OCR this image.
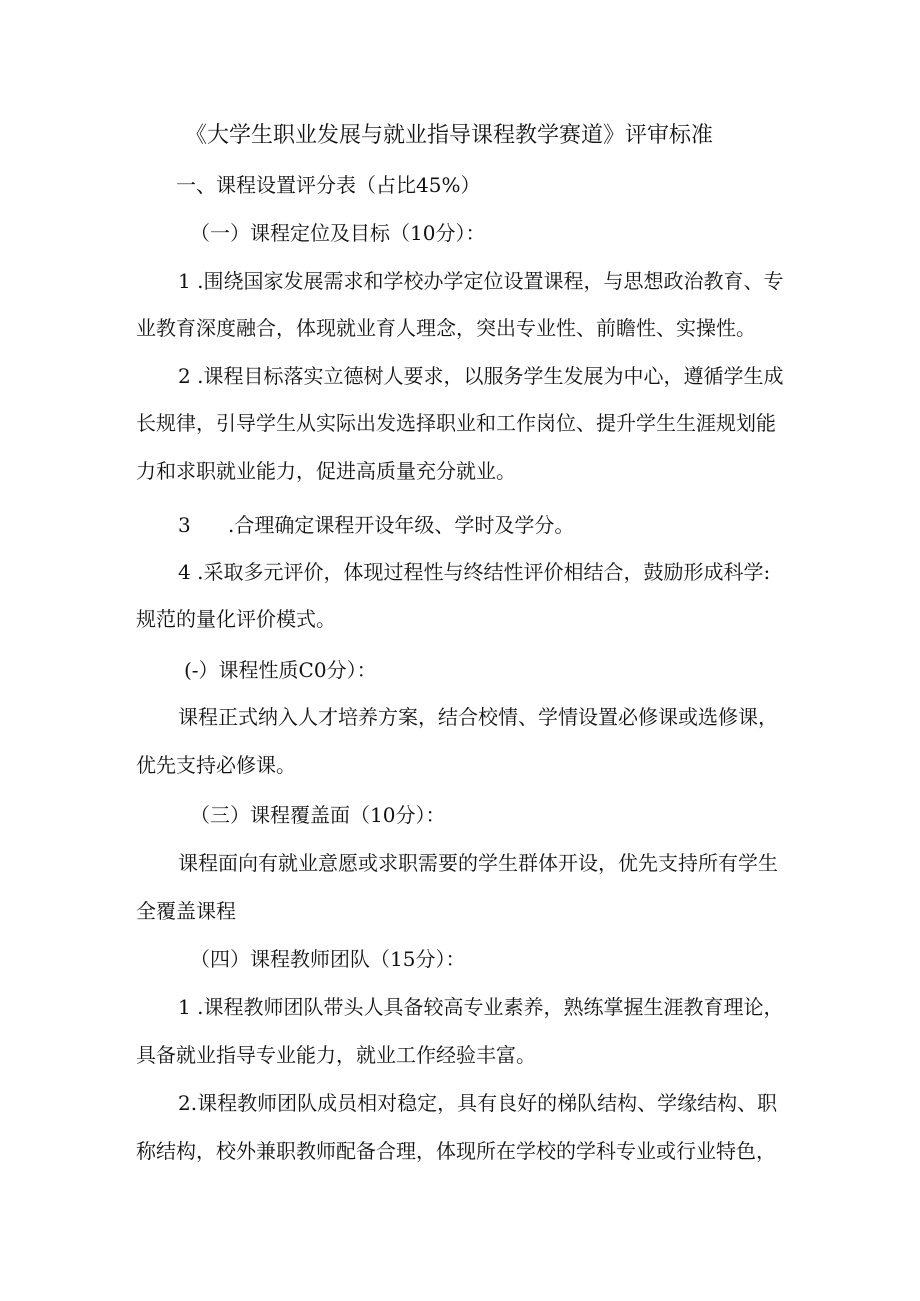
《大学生职业发展与就业指导课程教学赛道》评审标准
一、课程设置评分表（占比45%）
（一）课程定位及目标（10分）：
1 .围绕国家发展需求和学校办学定位设置课程，与思想政治教育、专
业教育深度融合，体现就业育人理念，突出专业性、前瞻性、实操性。
2 .课程目标落实立德树人要求，以服务学生发展为中心，遵循学生成
长规律，引导学生从实际出发选择职业和工作岗位、提升学生生涯规划能
力和求职就业能力，促进高质量充分就业。
3 .合理确定课程开设年级、学时及学分。
4 .采取多元评价，体现过程性与终结性评价相结合，鼓励形成科学:
规范的量化评价模式。
(-）课程性质C0分）：
课程正式纳入人才培养方案，结合校情、学情设置必修课或选修课，
优先支持必修课。
（三）课程覆盖面（10分）：
课程面向有就业意愿或求职需要的学生群体开设，优先支持所有学生
全覆盖课程
（四）课程教师团队（15分）：
1 .课程教师团队带头人具备较高专业素养，熟练掌握生涯教育理论，
具备就业指导专业能力，就业工作经验丰富。
2.课程教师团队成员相对稳定，具有良好的梯队结构、学缘结构、职
称结构，校外兼职教师配备合理，体现所在学校的学科专业或行业特色，
